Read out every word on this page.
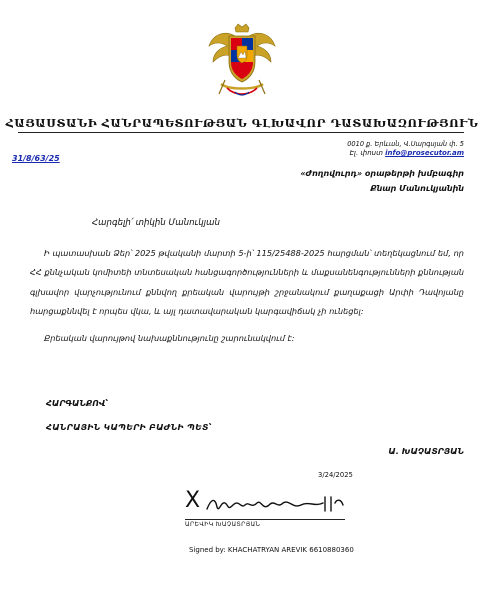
ՀԱՅԱՍՏԱՆԻ ՀԱՆՐԱՊԵՏՈՒԹՅԱՆ ԳԼԽԱՎՈՐ ԴԱՏԱԽԱԶՈՒԹՅՈՒՆ
0010 ք. Երևան, Վ.Սարգսյան փ. 5
Էլ. փոստ info@prosecutor.am
31/8/63/25
«Ժողովուրդ» օրաթերթի խմբագիր
Քնար Մանուկյանին
Հարգելի՛ տիկին Մանուկյան
Ի պատասխան Ձեր՝ 2025 թվականի մարտի 5-ի՝ 115/25488-2025 հարցման՝ տեղեկացնում եմ, որ ՀՀ քննչական կոմիտեի տնտեսական հանցագործությունների և մաքսանենգությունների քննության գլխավոր վարչությունում քննվող քրեական վարույթի շրջանակում քաղաքացի Արփի Դավոյանը հարցաքննվել է որպես վկա, և այլ դատավարական կարգավիճակ չի ունեցել:
Քրեական վարույթով նախաքննությունը շարունակվում է:
ՀԱՐԳԱՆՔՈՎ՝
ՀԱՆՐԱՅԻՆ ԿԱՊԵՐԻ ԲԱԺՆԻ ՊԵՏ՝
Ա. ԽԱՉԱՏՐՅԱՆ
3/24/2025
X
ԱՐԵՎԻԿ ԽԱՉԱՏՐՅԱՆ
Signed by: KHACHATRYAN AREVIK 6610880360
